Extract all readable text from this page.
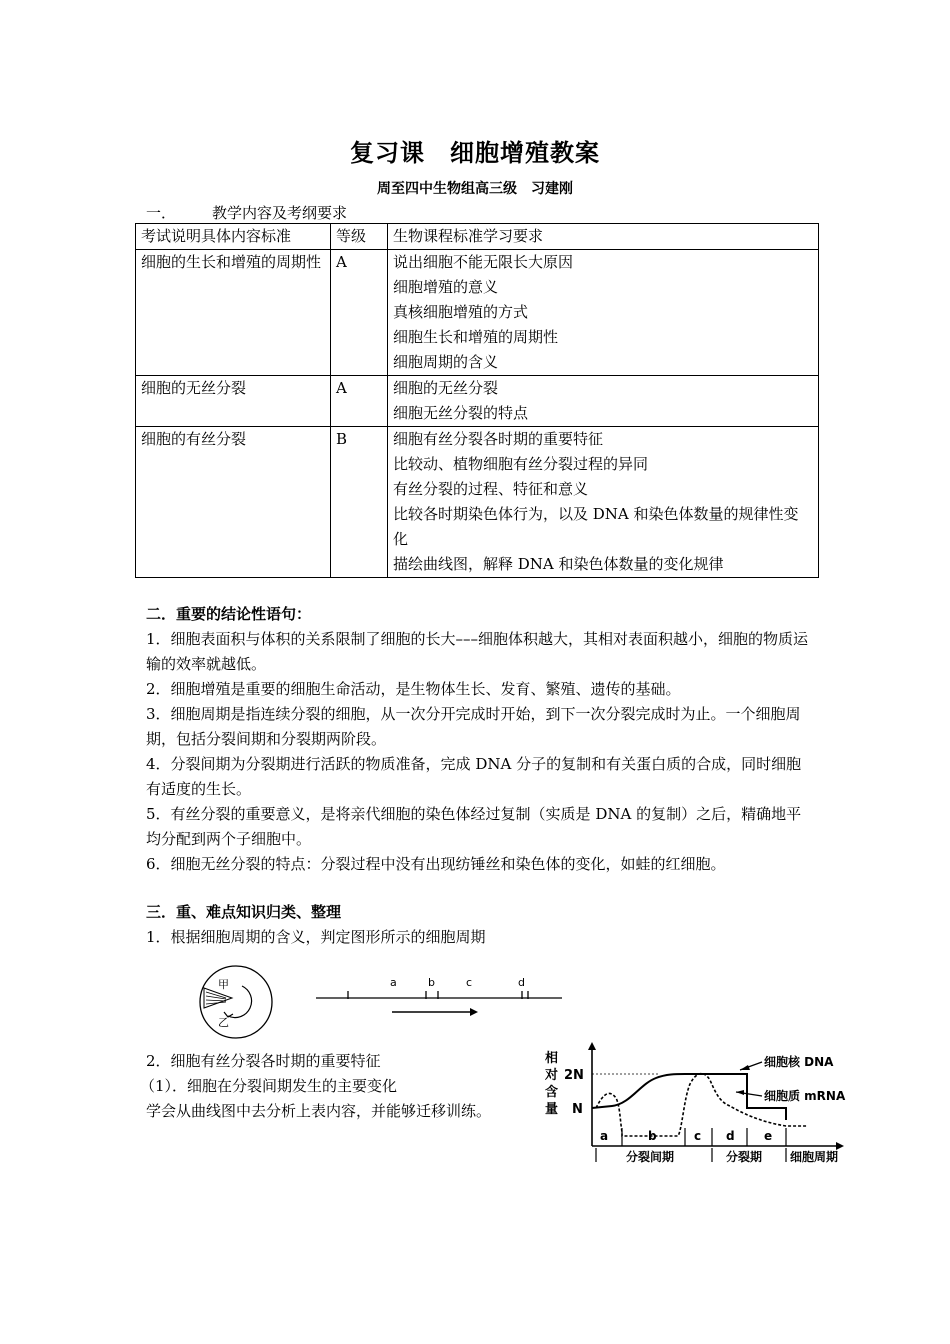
复习课　细胞增殖教案
周至四中生物组高三级　习建刚
一． 教学内容及考纲要求
考试说明具体内容标准	等级	生物课程标准学习要求
细胞的生长和增殖的周期性	A	说出细胞不能无限长大原因
细胞增殖的意义
真核细胞增殖的方式
细胞生长和增殖的周期性
细胞周期的含义

细胞的无丝分裂	A	细胞的无丝分裂
细胞无丝分裂的特点

细胞的有丝分裂	B	细胞有丝分裂各时期的重要特征
比较动、植物细胞有丝分裂过程的异同
有丝分裂的过程、特征和意义
比较各时期染色体行为，以及 DNA 和染色体数量的规律性变化
描绘曲线图，解释 DNA 和染色体数量的变化规律

二．重要的结论性语句：

1．细胞表面积与体积的关系限制了细胞的长大–––细胞体积越大，其相对表面积越小，细胞的物质运输的效率就越低。

2．细胞增殖是重要的细胞生命活动，是生物体生长、发育、繁殖、遗传的基础。

3．细胞周期是指连续分裂的细胞，从一次分开完成时开始，到下一次分裂完成时为止。一个细胞周期，包括分裂间期和分裂期两阶段。

4．分裂间期为分裂期进行活跃的物质准备，完成 DNA 分子的复制和有关蛋白质的合成，同时细胞有适度的生长。

5．有丝分裂的重要意义，是将亲代细胞的染色体经过复制（实质是 DNA 的复制）之后，精确地平均分配到两个子细胞中。

6．细胞无丝分裂的特点：分裂过程中没有出现纺锤丝和染色体的变化，如蛙的红细胞。

三．重、难点知识归类、整理

1．根据细胞周期的含义，判定图形所示的细胞周期

甲
乙
a	b	c	d

2．细胞有丝分裂各时期的重要特征

（1）．细胞在分裂间期发生的主要变化

学会从曲线图中去分析上表内容，并能够迁移训练。

相
对
含
量
2N
N
a	b	c d e
细胞核 DNA
细胞质 mRNA
分裂间期	分裂期 细胞周期
